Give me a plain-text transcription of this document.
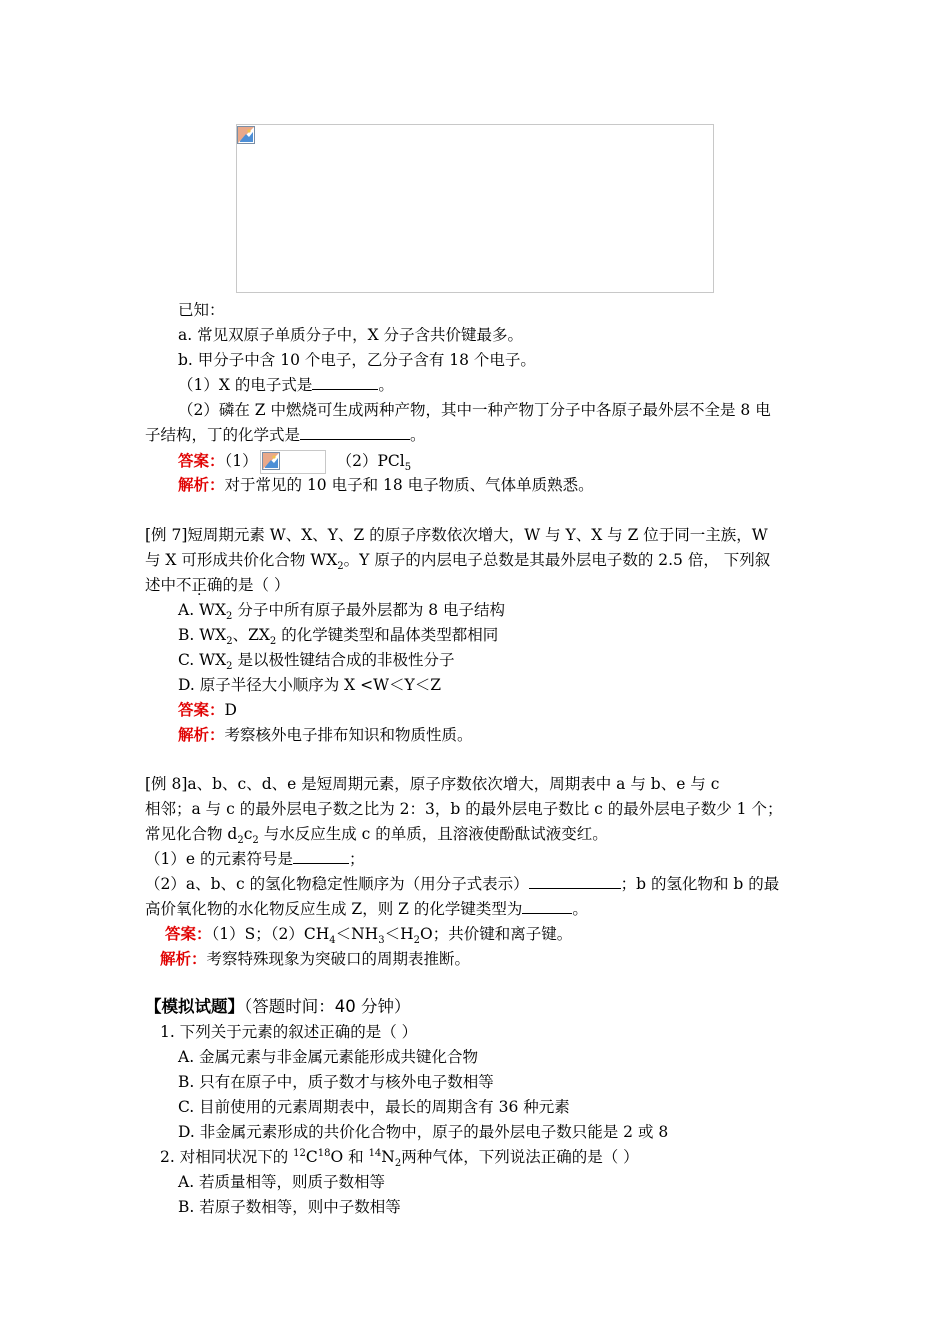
已知：
a. 常见双原子单质分子中，X 分子含共价键最多。
b. 甲分子中含 10 个电子，乙分子含有 18 个电子。
（1）X 的电子式是	。
（2）磷在 Z 中燃烧可生成两种产物，其中一种产物丁分子中各原子最外层不全是 8 电
子结构，丁的化学式是	。
答案：（1）	（2）PCl$_5$
解析：对于常见的 10 电子和 18 电子物质、气体单质熟悉。
[例 7]短周期元素 W、X、Y、Z 的原子序数依次增大，W 与 Y、X 与 Z 位于同一主族，W
与 X 可形成共价化合物 $WX_2$。Y 原子的内层电子总数是其最外层电子数的 2.5 倍， 下列叙
述中不正确的是（ ）
A. $WX_2$ 分子中所有原子最外层都为 8 电子结构
B. $WX_2$、$ZX_2$ 的化学键类型和晶体类型都相同
C. $WX_2$ 是以极性键结合成的非极性分子
D. 原子半径大小顺序为 X <W＜Y＜Z
答案：D
解析：考察核外电子排布知识和物质性质。
[例 8]a、b、c、d、e 是短周期元素，原子序数依次增大，周期表中 a 与 b、e 与 c
相邻；a 与 c 的最外层电子数之比为 2：3，b 的最外层电子数比 c 的最外层电子数少 1 个；
常见化合物 $d_2c_2$ 与水反应生成 c 的单质，且溶液使酚酞试液变红。
（1）e 的元素符号是	；
（2）a、b、c 的氢化物稳定性顺序为（用分子式表示）	；b 的氢化物和 b 的最
高价氧化物的水化物反应生成 Z，则 Z 的化学键类型为	。
答案：（1）S；$(2)CH_4<NH_3<H_2O$；共价键和离子键。
解析：考察特殊现象为突破口的周期表推断。
【模拟试题】（答题时间：40 分钟）
1. 下列关于元素的叙述正确的是（ ）
A. 金属元素与非金属元素能形成共键化合物
B. 只有在原子中，质子数才与核外电子数相等
C. 目前使用的元素周期表中，最长的周期含有 36 种元素
D. 非金属元素形成的共价化合物中，原子的最外层电子数只能是 2 或 8
2. 对相同状况下的 $^{12}C^{18}O$ 和 $^{14}N_2$两种气体，下列说法正确的是（ ）
A. 若质量相等，则质子数相等
B. 若原子数相等，则中子数相等
